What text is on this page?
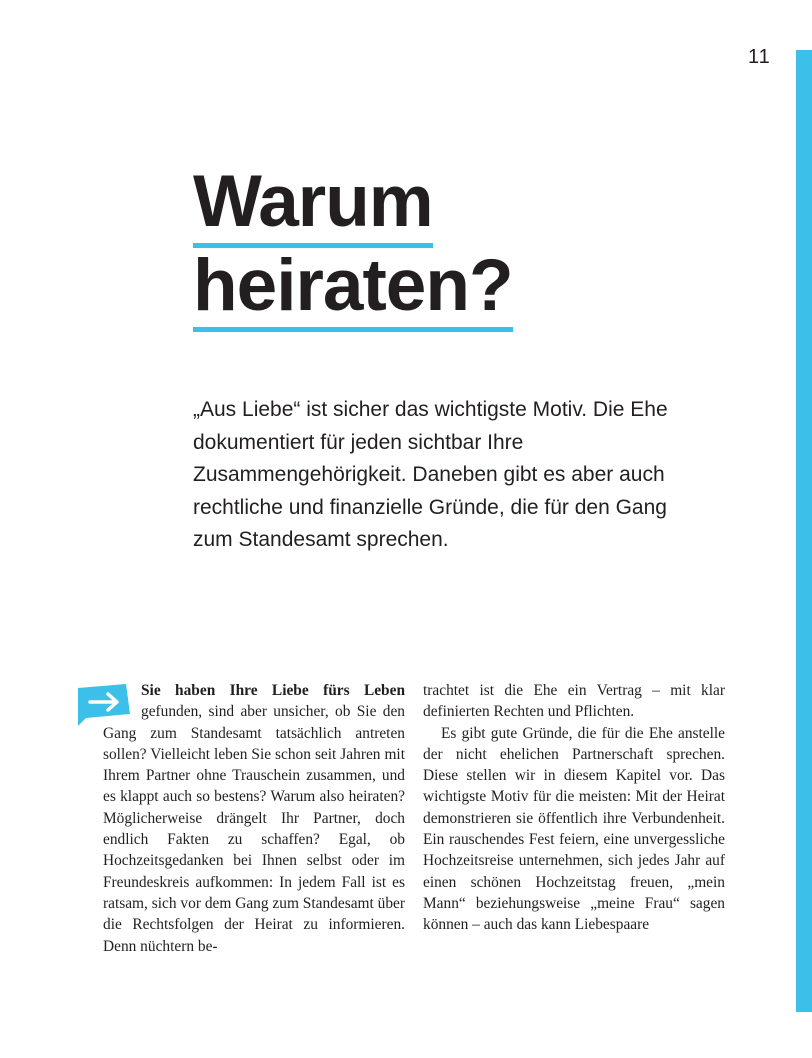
11
Warum
heiraten?

„Aus Liebe“ ist sicher das wichtigste Motiv. Die Ehe dokumentiert für jeden sichtbar Ihre Zusammengehörigkeit. Daneben gibt es aber auch rechtliche und finanzielle Gründe, die für den Gang zum Standesamt sprechen.

Sie haben Ihre Liebe fürs Leben gefunden, sind aber unsicher, ob Sie den Gang zum Standesamt tatsächlich antreten sollen? Vielleicht leben Sie schon seit Jahren mit Ihrem Partner ohne Trauschein zusammen, und es klappt auch so bestens? Warum also heiraten? Möglicherweise drängelt Ihr Partner, doch endlich Fakten zu schaffen? Egal, ob Hochzeitsgedanken bei Ihnen selbst oder im Freundeskreis aufkommen: In jedem Fall ist es ratsam, sich vor dem Gang zum Standesamt über die Rechtsfolgen der Heirat zu informieren. Denn nüchtern be-

trachtet ist die Ehe ein Vertrag – mit klar definierten Rechten und Pflichten.

Es gibt gute Gründe, die für die Ehe anstelle der nicht ehelichen Partnerschaft sprechen. Diese stellen wir in diesem Kapitel vor. Das wichtigste Motiv für die meisten: Mit der Heirat demonstrieren sie öffentlich ihre Verbundenheit. Ein rauschendes Fest feiern, eine unvergessliche Hochzeitsreise unternehmen, sich jedes Jahr auf einen schönen Hochzeitstag freuen, „mein Mann“ beziehungsweise „meine Frau“ sagen können – auch das kann Liebespaare
